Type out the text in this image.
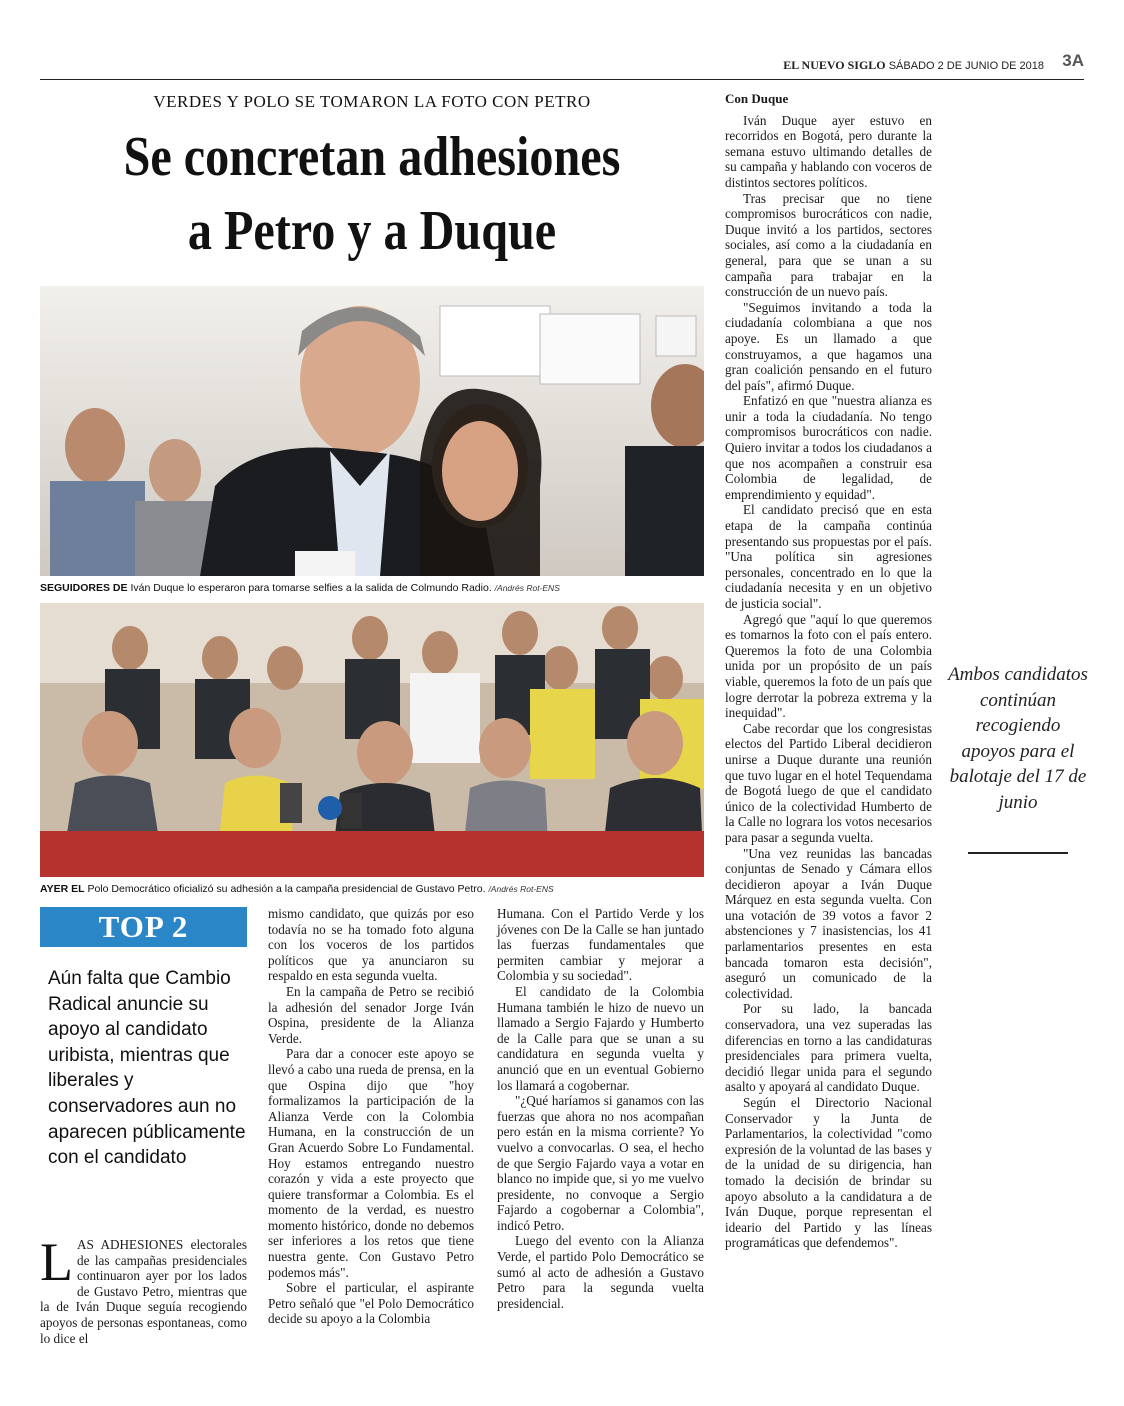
EL NUEVO SIGLO SÁBADO 2 DE JUNIO DE 2018 3A
VERDES Y POLO SE TOMARON LA FOTO CON PETRO
Se concretan adhesiones
a Petro y a Duque
SEGUIDORES DE Iván Duque lo esperaron para tomarse selfies a la salida de Colmundo Radio. /Andrés Rot-ENS
AYER EL Polo Democrático oficializó su adhesión a la campaña presidencial de Gustavo Petro. /Andrés Rot-ENS
TOP 2
Aún falta que Cambio Radical anuncie su apoyo al candidato uribista, mientras que liberales y conservadores aun no aparecen públicamente con el candidato

LAS ADHESIONES electorales de las campañas presidenciales continuaron ayer por los lados de Gustavo Petro, mientras que la de Iván Duque seguía recogiendo apoyos de personas espontaneas, como lo dice el

mismo candidato, que quizás por eso todavía no se ha tomado foto alguna con los voceros de los partidos políticos que ya anunciaron su respaldo en esta segunda vuelta.

En la campaña de Petro se recibió la adhesión del senador Jorge Iván Ospina, presidente de la Alianza Verde.

Para dar a conocer este apoyo se llevó a cabo una rueda de prensa, en la que Ospina dijo que "hoy formalizamos la participación de la Alianza Verde con la Colombia Humana, en la construcción de un Gran Acuerdo Sobre Lo Fundamental. Hoy estamos entregando nuestro corazón y vida a este proyecto que quiere transformar a Colombia. Es el momento de la verdad, es nuestro momento histórico, donde no debemos ser inferiores a los retos que tiene nuestra gente. Con Gustavo Petro podemos más".

Sobre el particular, el aspirante Petro señaló que "el Polo Democrático decide su apoyo a la Colombia

Humana. Con el Partido Verde y los jóvenes con De la Calle se han juntado las fuerzas fundamentales que permiten cambiar y mejorar a Colombia y su sociedad".

El candidato de la Colombia Humana también le hizo de nuevo un llamado a Sergio Fajardo y Humberto de la Calle para que se unan a su candidatura en segunda vuelta y anunció que en un eventual Gobierno los llamará a cogobernar.

"¿Qué haríamos si ganamos con las fuerzas que ahora no nos acompañan pero están en la misma corriente? Yo vuelvo a convocarlas. O sea, el hecho de que Sergio Fajardo vaya a votar en blanco no impide que, si yo me vuelvo presidente, no convoque a Sergio Fajardo a cogobernar a Colombia", indicó Petro.

Luego del evento con la Alianza Verde, el partido Polo Democrático se sumó al acto de adhesión a Gustavo Petro para la segunda vuelta presidencial.

Con Duque

Iván Duque ayer estuvo en recorridos en Bogotá, pero durante la semana estuvo ultimando detalles de su campaña y hablando con voceros de distintos sectores políticos.

Tras precisar que no tiene compromisos burocráticos con nadie, Duque invitó a los partidos, sectores sociales, así como a la ciudadanía en general, para que se unan a su campaña para trabajar en la construcción de un nuevo país.

"Seguimos invitando a toda la ciudadanía colombiana a que nos apoye. Es un llamado a que construyamos, a que hagamos una gran coalición pensando en el futuro del país", afirmó Duque.

Enfatizó en que "nuestra alianza es unir a toda la ciudadanía. No tengo compromisos burocráticos con nadie. Quiero invitar a todos los ciudadanos a que nos acompañen a construir esa Colombia de legalidad, de emprendimiento y equidad".

El candidato precisó que en esta etapa de la campaña continúa presentando sus propuestas por el país. "Una política sin agresiones personales, concentrado en lo que la ciudadanía necesita y en un objetivo de justicia social".

Agregó que "aquí lo que queremos es tomarnos la foto con el país entero. Queremos la foto de una Colombia unida por un propósito de un país viable, queremos la foto de un país que logre derrotar la pobreza extrema y la inequidad".

Cabe recordar que los congresistas electos del Partido Liberal decidieron unirse a Duque durante una reunión que tuvo lugar en el hotel Tequendama de Bogotá luego de que el candidato único de la colectividad Humberto de la Calle no lograra los votos necesarios para pasar a segunda vuelta.

"Una vez reunidas las bancadas conjuntas de Senado y Cámara ellos decidieron apoyar a Iván Duque Márquez en esta segunda vuelta. Con una votación de 39 votos a favor 2 abstenciones y 7 inasistencias, los 41 parlamentarios presentes en esta bancada tomaron esta decisión", aseguró un comunicado de la colectividad.

Por su lado, la bancada conservadora, una vez superadas las diferencias en torno a las candidaturas presidenciales para primera vuelta, decidió llegar unida para el segundo asalto y apoyará al candidato Duque.

Según el Directorio Nacional Conservador y la Junta de Parlamentarios, la colectividad "como expresión de la voluntad de las bases y de la unidad de su dirigencia, han tomado la decisión de brindar su apoyo absoluto a la candidatura a de Iván Duque, porque representan el ideario del Partido y las líneas programáticas que defendemos".

Ambos candidatos continúan recogiendo apoyos para el balotaje del 17 de junio
